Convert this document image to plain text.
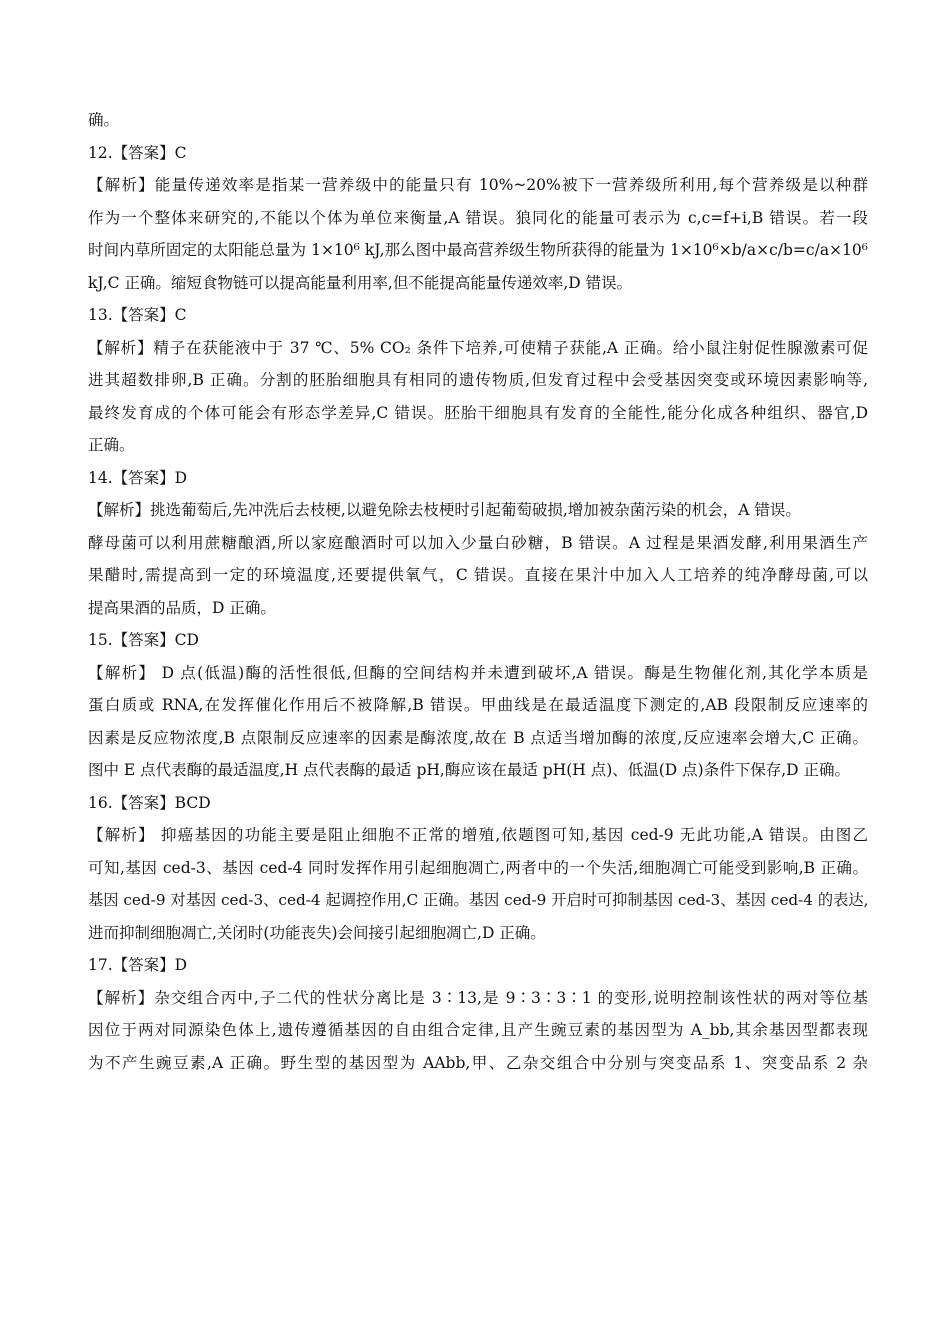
确。
12.【答案】C
【解析】能量传递效率是指某一营养级中的能量只有 10%~20%被下一营养级所利用,每个营养级是以种群
作为一个整体来研究的,不能以个体为单位来衡量,A 错误。狼同化的能量可表示为 c,c=f+i,B 错误。若一段
时间内草所固定的太阳能总量为 1×10⁶ kJ,那么图中最高营养级生物所获得的能量为 1×10⁶×b/a×c/b=c/a×10⁶
kJ,C 正确。缩短食物链可以提高能量利用率,但不能提高能量传递效率,D 错误。
13.【答案】C
【解析】精子在获能液中于 37 ℃、5% CO₂ 条件下培养,可使精子获能,A 正确。给小鼠注射促性腺激素可促
进其超数排卵,B 正确。分割的胚胎细胞具有相同的遗传物质,但发育过程中会受基因突变或环境因素影响等,
最终发育成的个体可能会有形态学差异,C 错误。胚胎干细胞具有发育的全能性,能分化成各种组织、器官,D
正确。
14.【答案】D
【解析】挑选葡萄后,先冲洗后去枝梗,以避免除去枝梗时引起葡萄破损,增加被杂菌污染的机会，A 错误。
酵母菌可以利用蔗糖酿酒,所以家庭酿酒时可以加入少量白砂糖，B 错误。A 过程是果酒发酵,利用果酒生产
果醋时,需提高到一定的环境温度,还要提供氧气，C 错误。直接在果汁中加入人工培养的纯净酵母菌,可以
提高果酒的品质，D 正确。
15.【答案】CD
【解析】 D 点(低温)酶的活性很低,但酶的空间结构并未遭到破坏,A 错误。酶是生物催化剂,其化学本质是
蛋白质或 RNA,在发挥催化作用后不被降解,B 错误。甲曲线是在最适温度下测定的,AB 段限制反应速率的
因素是反应物浓度,B 点限制反应速率的因素是酶浓度,故在 B 点适当增加酶的浓度,反应速率会增大,C 正确。
图中 E 点代表酶的最适温度,H 点代表酶的最适 pH,酶应该在最适 pH(H 点)、低温(D 点)条件下保存,D 正确。
16.【答案】BCD
【解析】 抑癌基因的功能主要是阻止细胞不正常的增殖,依题图可知,基因 ced-9 无此功能,A 错误。由图乙
可知,基因 ced-3、基因 ced-4 同时发挥作用引起细胞凋亡,两者中的一个失活,细胞凋亡可能受到影响,B 正确。
基因 ced-9 对基因 ced-3、ced-4 起调控作用,C 正确。基因 ced-9 开启时可抑制基因 ced-3、基因 ced-4 的表达,
进而抑制细胞凋亡,关闭时(功能丧失)会间接引起细胞凋亡,D 正确。
17.【答案】D
【解析】杂交组合丙中,子二代的性状分离比是 3∶13,是 9∶3∶3∶1 的变形,说明控制该性状的两对等位基
因位于两对同源染色体上,遗传遵循基因的自由组合定律,且产生豌豆素的基因型为 A_bb,其余基因型都表现
为不产生豌豆素,A 正确。野生型的基因型为 AAbb,甲、乙杂交组合中分别与突变品系 1、突变品系 2 杂
